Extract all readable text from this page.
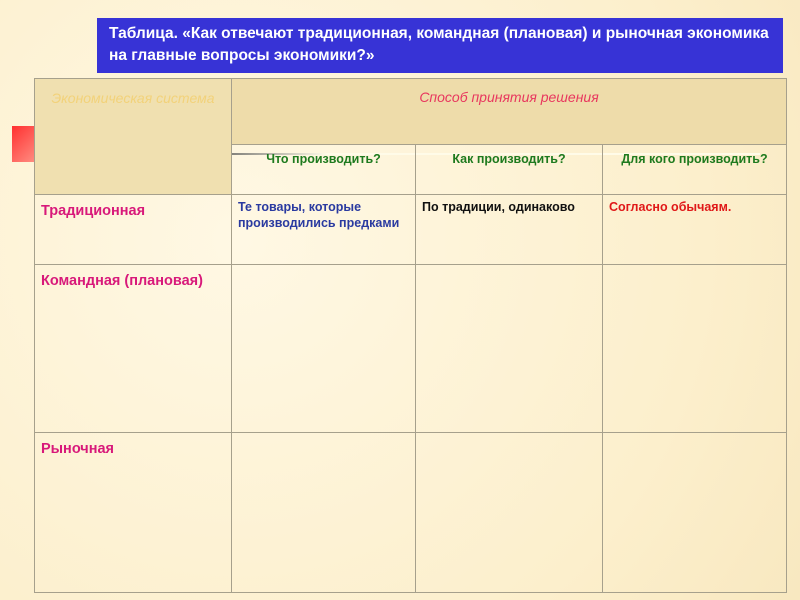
Таблица. «Как отвечают традиционная, командная (плановая) и рыночная экономика на главные вопросы экономики?»
Экономическая система	Способ принятия решения		

	Что производить?	Как производить?	Для кого производить?
Традиционная	Те товары, которые производились предками	По традиции, одинаково	Согласно обычаям.
Командная (плановая)			
Рыночная			
